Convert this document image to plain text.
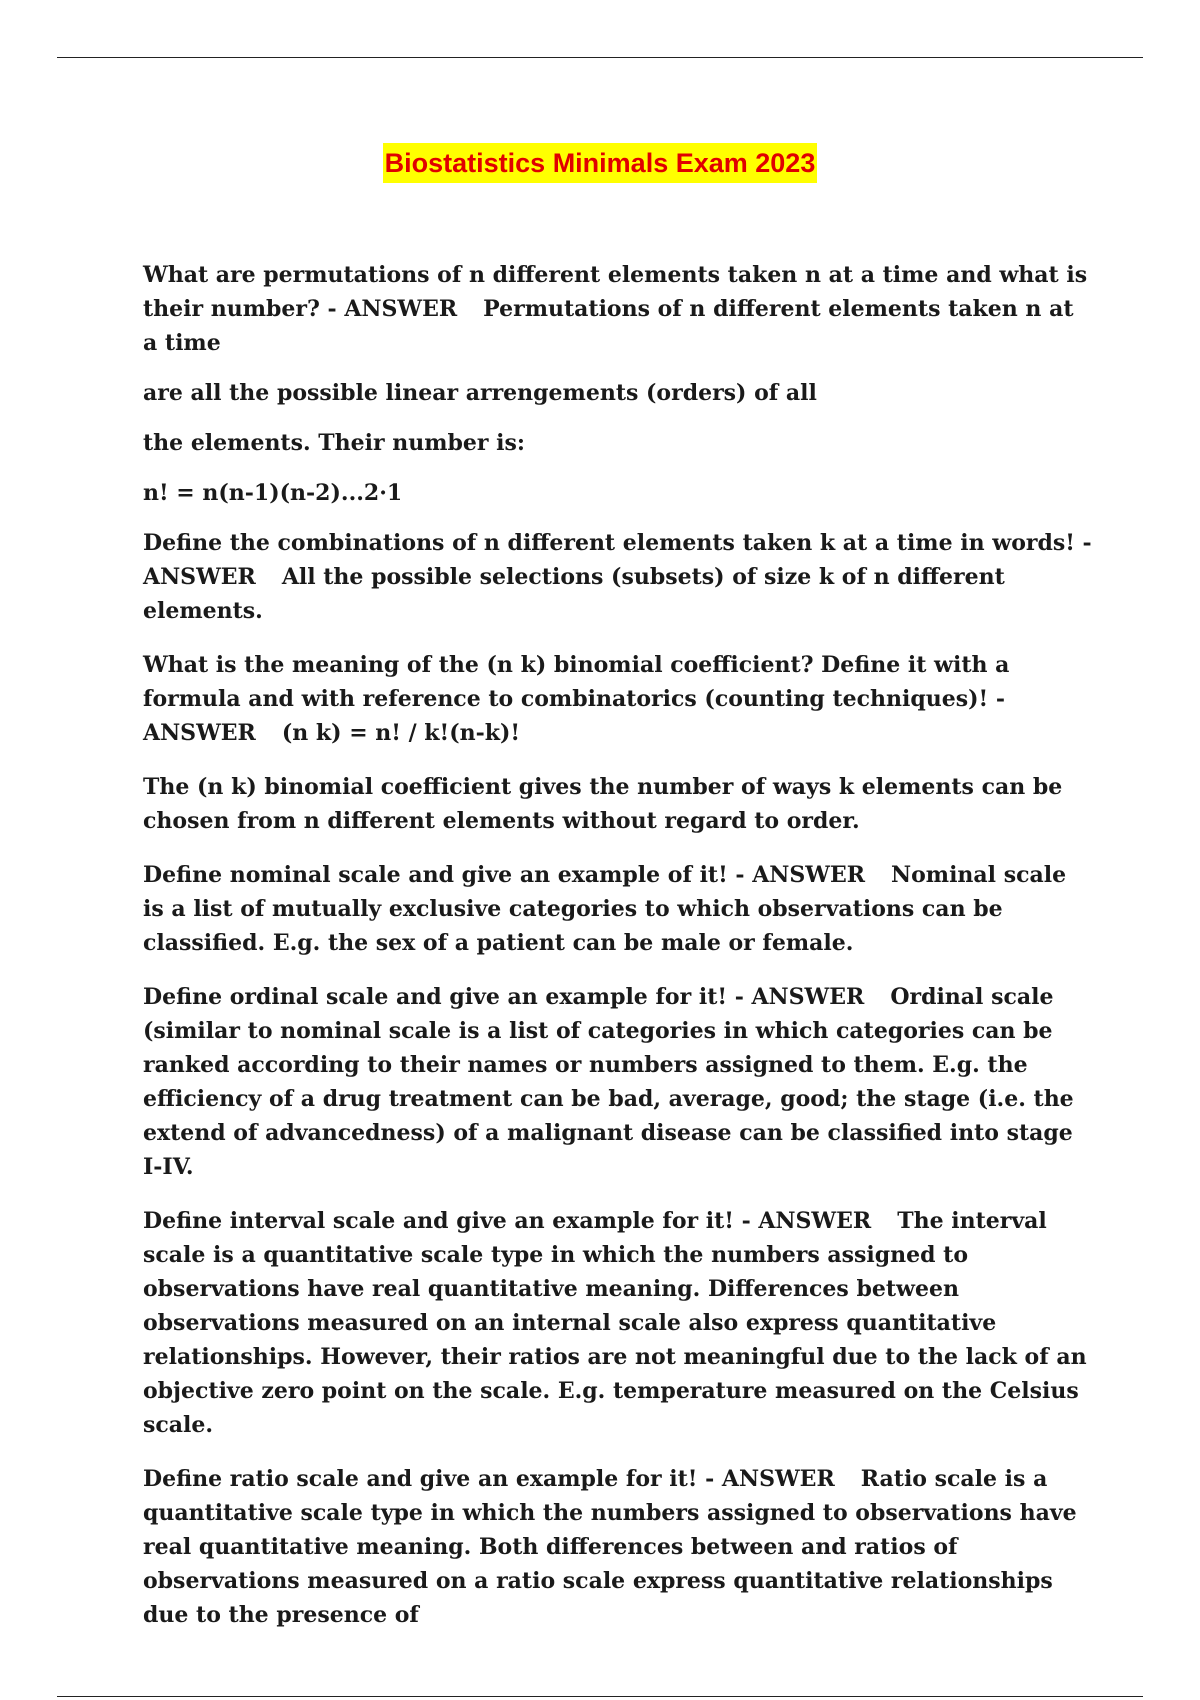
Biostatistics Minimals Exam 2023

What are permutations of n different elements taken n at a time and what is their number? - ANSWER Permutations of n different elements taken n at a time

are all the possible linear arrengements (orders) of all

the elements. Their number is:

n! = n(n-1)(n-2)...2·1

Define the combinations of n different elements taken k at a time in words! - ANSWER All the possible selections (subsets) of size k of n different elements.

What is the meaning of the (n k) binomial coefficient? Define it with a formula and with reference to combinatorics (counting techniques)! - ANSWER (n k) = n! / k!(n-k)!

The (n k) binomial coefficient gives the number of ways k elements can be chosen from n different elements without regard to order.

Define nominal scale and give an example of it! - ANSWER Nominal scale is a list of mutually exclusive categories to which observations can be classified. E.g. the sex of a patient can be male or female.

Define ordinal scale and give an example for it! - ANSWER Ordinal scale (similar to nominal scale is a list of categories in which categories can be ranked according to their names or numbers assigned to them. E.g. the efficiency of a drug treatment can be bad, average, good; the stage (i.e. the extend of advancedness) of a malignant disease can be classified into stage I-IV.

Define interval scale and give an example for it! - ANSWER The interval scale is a quantitative scale type in which the numbers assigned to observations have real quantitative meaning. Differences between observations measured on an internal scale also express quantitative relationships. However, their ratios are not meaningful due to the lack of an objective zero point on the scale. E.g. temperature measured on the Celsius scale.

Define ratio scale and give an example for it! - ANSWER Ratio scale is a quantitative scale type in which the numbers assigned to observations have real quantitative meaning. Both differences between and ratios of observations measured on a ratio scale express quantitative relationships due to the presence of
